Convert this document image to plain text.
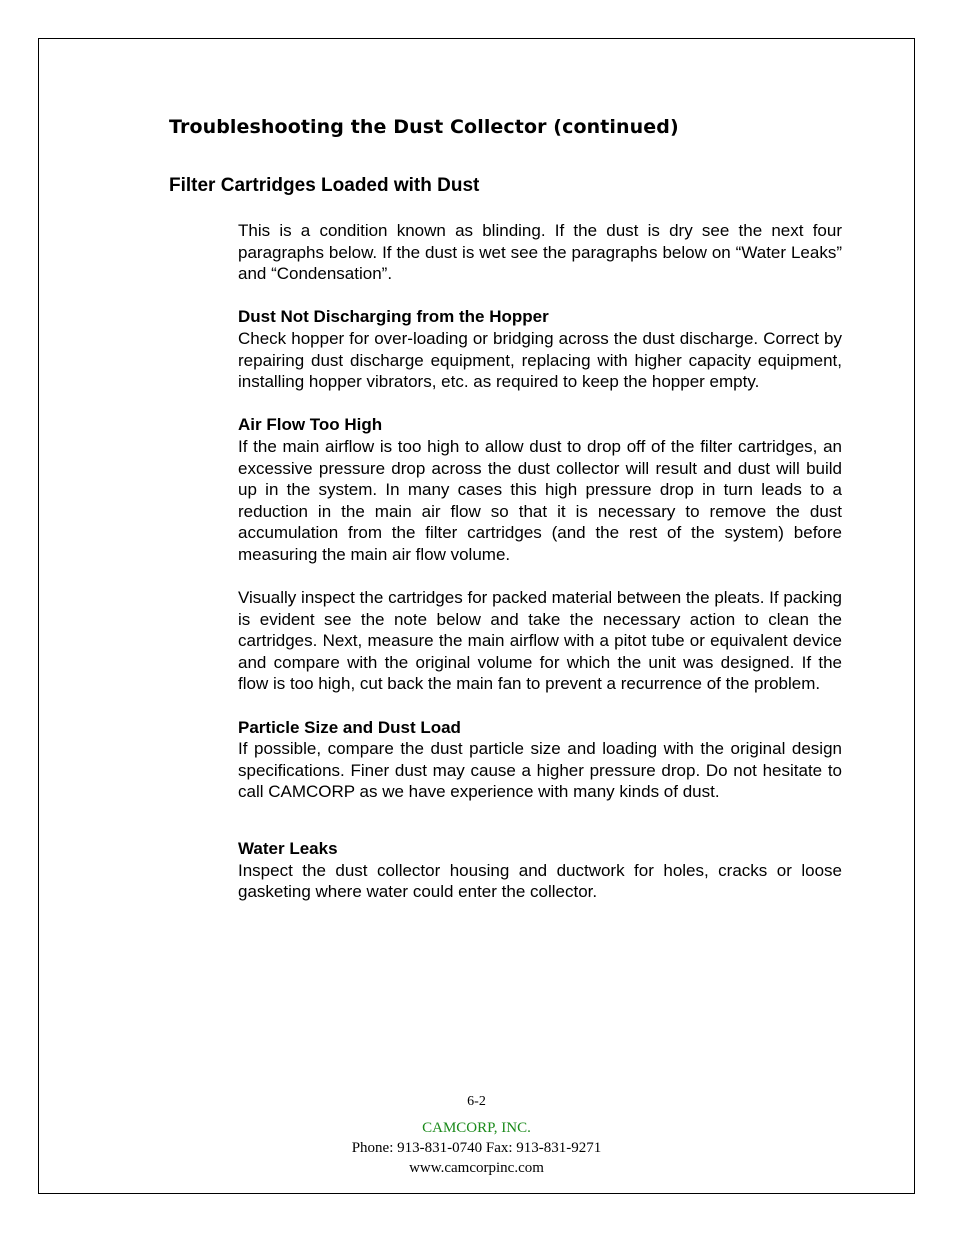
Troubleshooting the Dust Collector (continued)
Filter Cartridges Loaded with Dust

This is a condition known as blinding. If the dust is dry see the next four paragraphs below. If the dust is wet see the paragraphs below on “Water Leaks” and “Condensation”.

Dust Not Discharging from the Hopper

Check hopper for over-loading or bridging across the dust discharge. Correct by repairing dust discharge equipment, replacing with higher capacity equipment, installing hopper vibrators, etc. as required to keep the hopper empty.

Air Flow Too High

If the main airflow is too high to allow dust to drop off of the filter cartridges, an excessive pressure drop across the dust collector will result and dust will build up in the system. In many cases this high pressure drop in turn leads to a reduction in the main air flow so that it is necessary to remove the dust accumulation from the filter cartridges (and the rest of the system) before measuring the main air flow volume.

Visually inspect the cartridges for packed material between the pleats. If packing is evident see the note below and take the necessary action to clean the cartridges. Next, measure the main airflow with a pitot tube or equivalent device and compare with the original volume for which the unit was designed. If the flow is too high, cut back the main fan to prevent a recurrence of the problem.

Particle Size and Dust Load

If possible, compare the dust particle size and loading with the original design specifications. Finer dust may cause a higher pressure drop. Do not hesitate to call CAMCORP as we have experience with many kinds of dust.

Water Leaks

Inspect the dust collector housing and ductwork for holes, cracks or loose gasketing where water could enter the collector.

6-2
CAMCORP, INC.
Phone: 913-831-0740 Fax: 913-831-9271
www.camcorpinc.com
